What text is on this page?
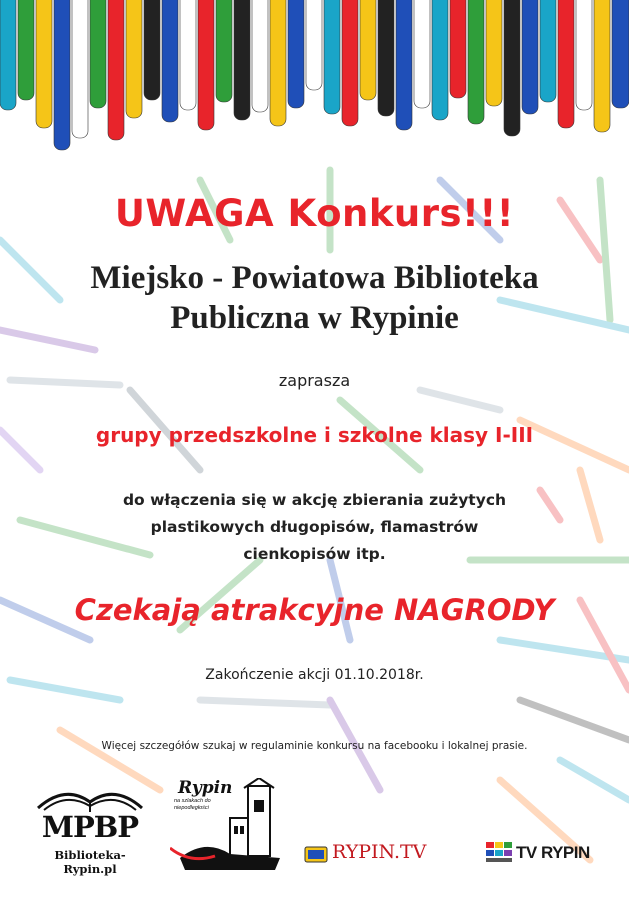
UWAGA Konkurs!!!
Miejsko - Powiatowa Biblioteka
Publiczna w Rypinie
zaprasza
grupy przedszkolne i szkolne klasy I-III
do włączenia się w akcję zbierania zużytych
plastikowych długopisów, flamastrów
cienkopisów itp.
Czekają atrakcyjne NAGRODY
Zakończenie akcji 01.10.2018r.
Więcej szczegółów szukaj w regulaminie konkursu na facebooku i lokalnej prasie.
MPBP
Biblioteka-Rypin.pl
Rypin
na szlakach do niepodległości
RYPIN.TV	TV RYPIN
